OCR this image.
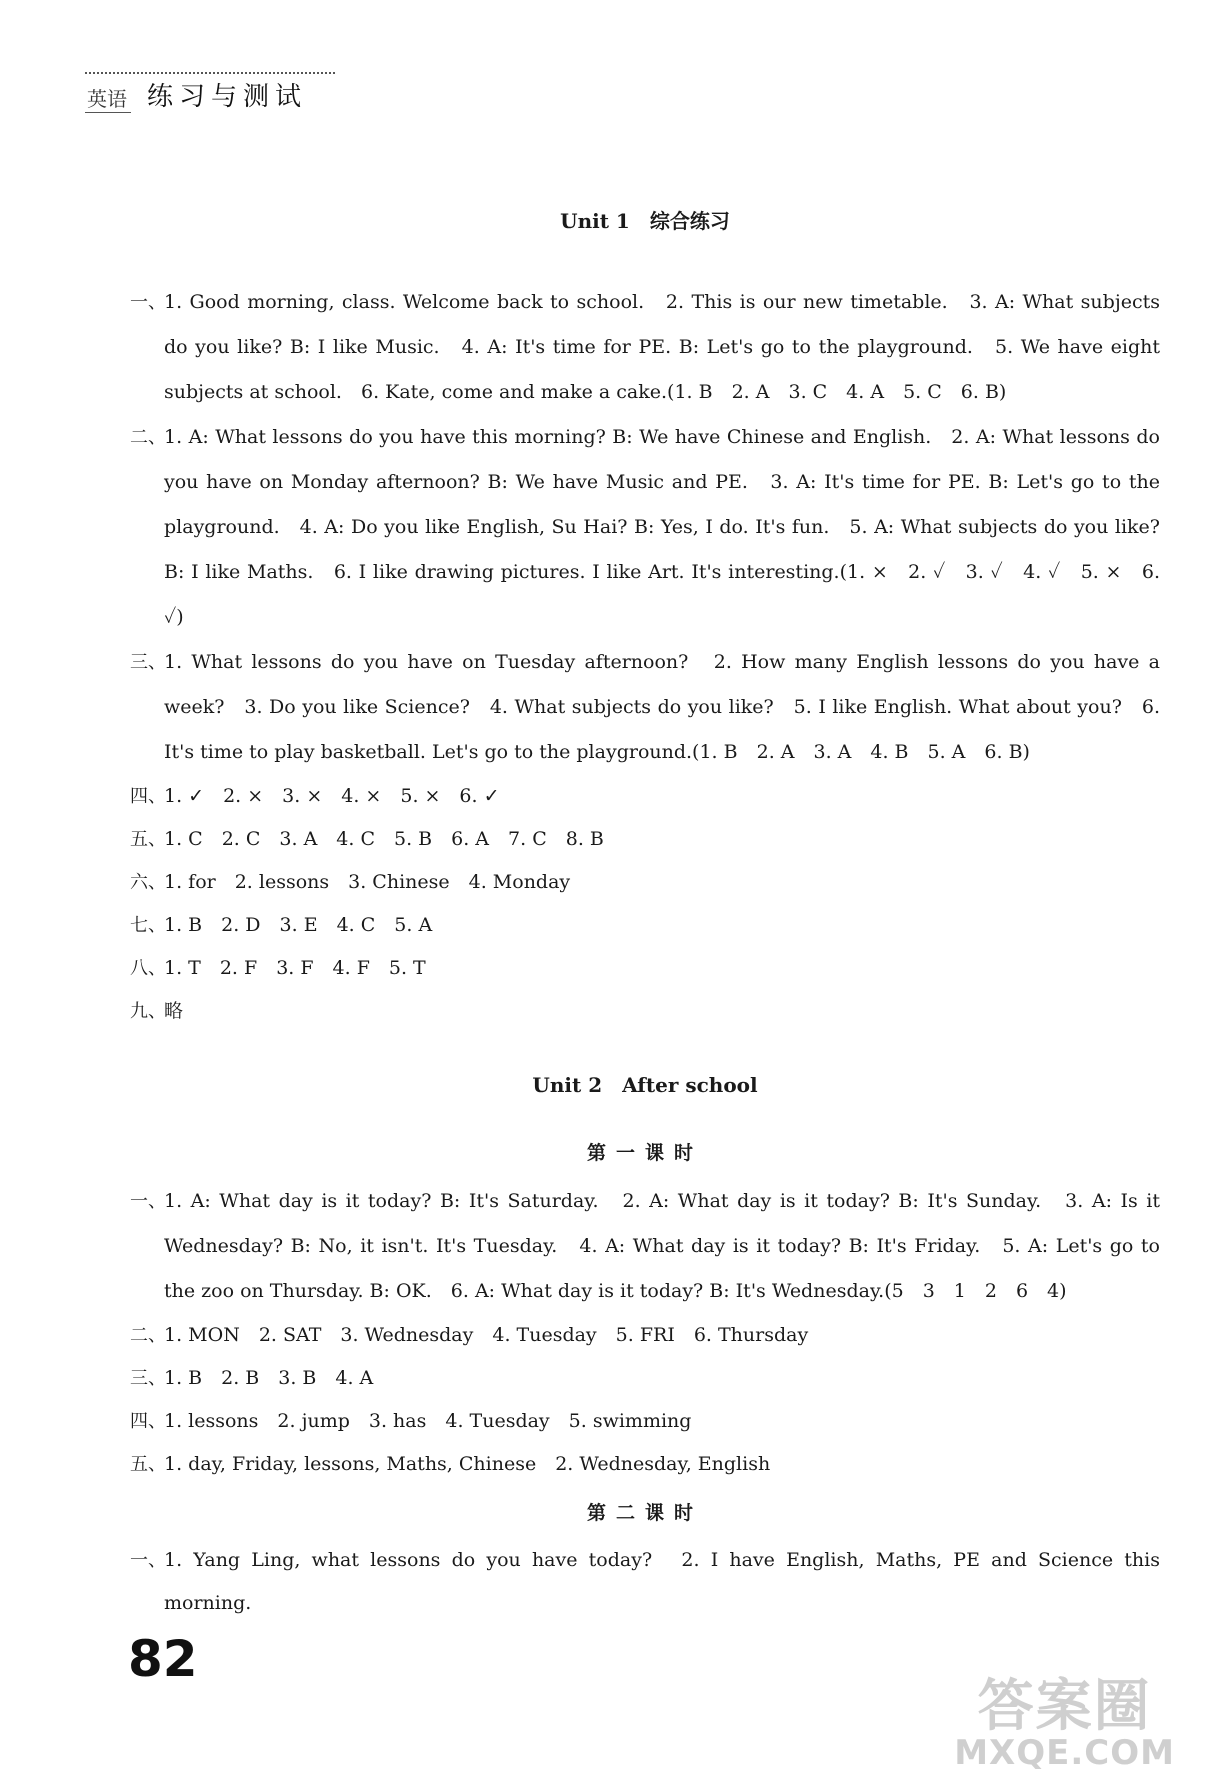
英语 练习与测试
Unit 1　综合练习
一、
1. Good morning, class. Welcome back to school.　2. This is our new timetable.　3. A: What subjects do you like? B: I like Music.　4. A: It's time for PE. B: Let's go to the playground.　5. We have eight subjects at school.　6. Kate, come and make a cake.(1. B　2. A　3. C　4. A　5. C　6. B)
二、
1. A: What lessons do you have this morning? B: We have Chinese and English.　2. A: What lessons do you have on Monday afternoon? B: We have Music and PE.　3. A: It's time for PE. B: Let's go to the playground.　4. A: Do you like English, Su Hai? B: Yes, I do. It's fun.　5. A: What subjects do you like? B: I like Maths.　6. I like drawing pictures. I like Art. It's interesting.(1. ×　2. ✓　3. ✓　4. ✓　5. ×　6. ✓)
三、
1. What lessons do you have on Tuesday afternoon?　2. How many English lessons do you have a week?　3. Do you like Science?　4. What subjects do you like?　5. I like English. What about you?　6. It's time to play basketball. Let's go to the playground.(1. B　2. A　3. A　4. B　5. A　6. B)
四、
1. ✓　2. ×　3. ×　4. ×　5. ×　6. ✓
五、
1. C　2. C　3. A　4. C　5. B　6. A　7. C　8. B
六、
1. for　2. lessons　3. Chinese　4. Monday
七、
1. B　2. D　3. E　4. C　5. A
八、
1. T　2. F　3. F　4. F　5. T
九、
略
Unit 2　After school
第一课时
一、
1. A: What day is it today? B: It's Saturday.　2. A: What day is it today? B: It's Sunday.　3. A: Is it Wednesday? B: No, it isn't. It's Tuesday.　4. A: What day is it today? B: It's Friday.　5. A: Let's go to the zoo on Thursday. B: OK.　6. A: What day is it today? B: It's Wednesday.(5　3　1　2　6　4)
二、
1. MON　2. SAT　3. Wednesday　4. Tuesday　5. FRI　6. Thursday
三、
1. B　2. B　3. B　4. A
四、
1. lessons　2. jump　3. has　4. Tuesday　5. swimming
五、
1. day, Friday, lessons, Maths, Chinese　2. Wednesday, English
第二课时
一、
1. Yang Ling, what lessons do you have today?　2. I have English, Maths, PE and Science this morning.
82
答案圈
MXQE.COM
